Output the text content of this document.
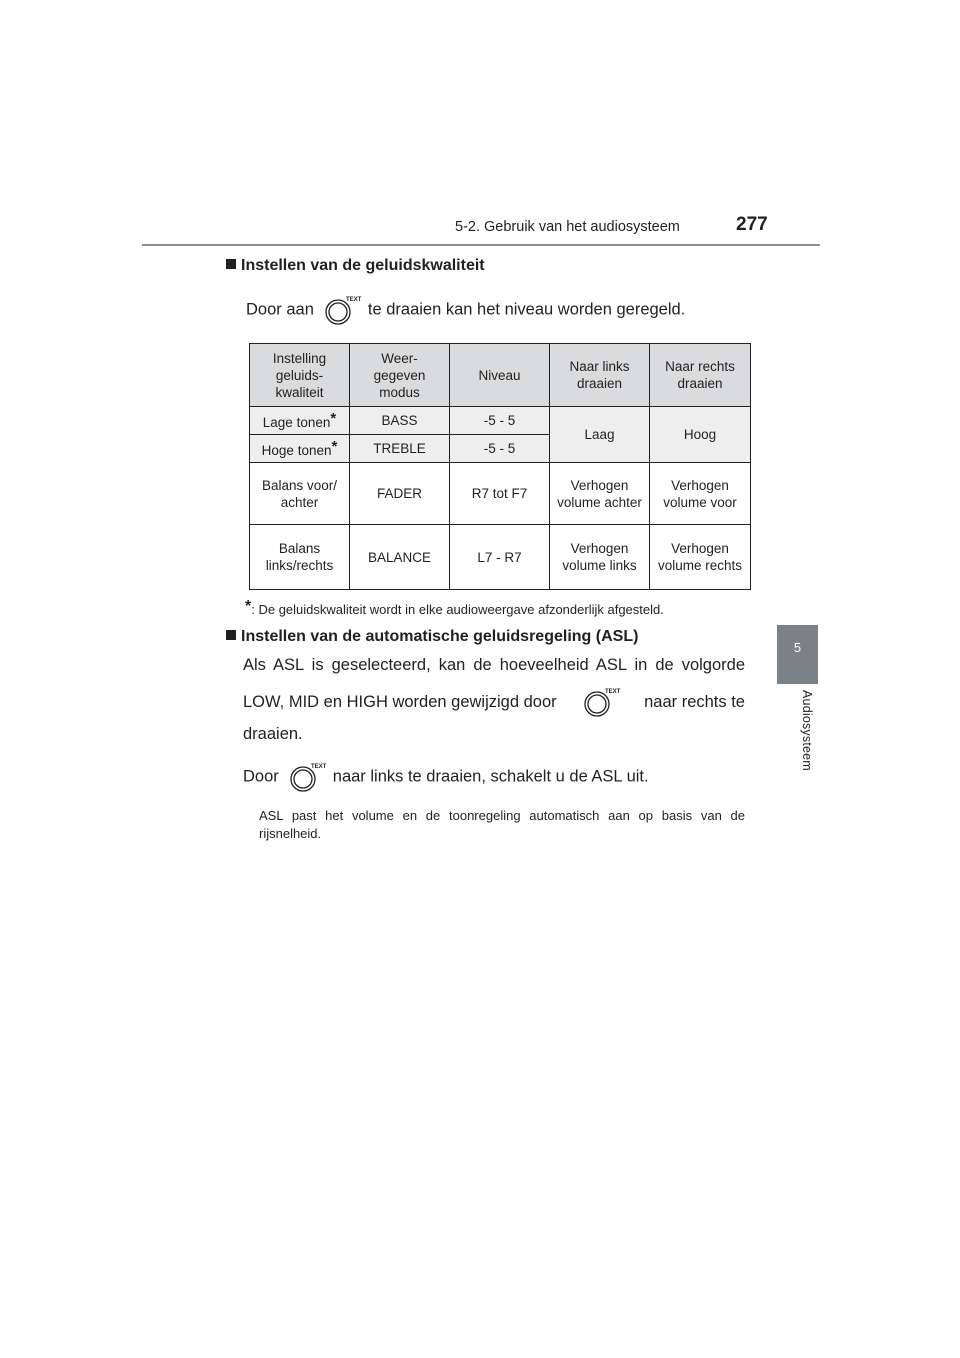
5-2. Gebruik van het audiosysteem	277
5
Audiosysteem
Instellen van de geluidskwaliteit
Door aan
TEXT
te draaien kan het niveau worden geregeld.
Instelling geluids- kwaliteit	Weer- gegeven modus	Niveau	Naar links draaien	Naar rechts draaien
Lage tonen*	BASS	-5 - 5	Laag	Hoog
Hoge tonen*	TREBLE	-5 - 5		
Balans voor/ achter	FADER	R7 tot F7	Verhogen volume achter	Verhogen volume voor
Balans links/rechts	BALANCE	L7 - R7	Verhogen volume links	Verhogen volume rechts
*: De geluidskwaliteit wordt in elke audioweergave afzonderlijk afgesteld.
Instellen van de automatische geluidsregeling (ASL)
Als ASL is geselecteerd, kan de hoeveelheid ASL in de volgorde
LOW, MID en HIGH worden gewijzigd door
TEXT
naar rechts te
draaien.
Door
TEXT
naar links te draaien, schakelt u de ASL uit.
ASL past het volume en de toonregeling automatisch aan op basis van de rijsnelheid.
